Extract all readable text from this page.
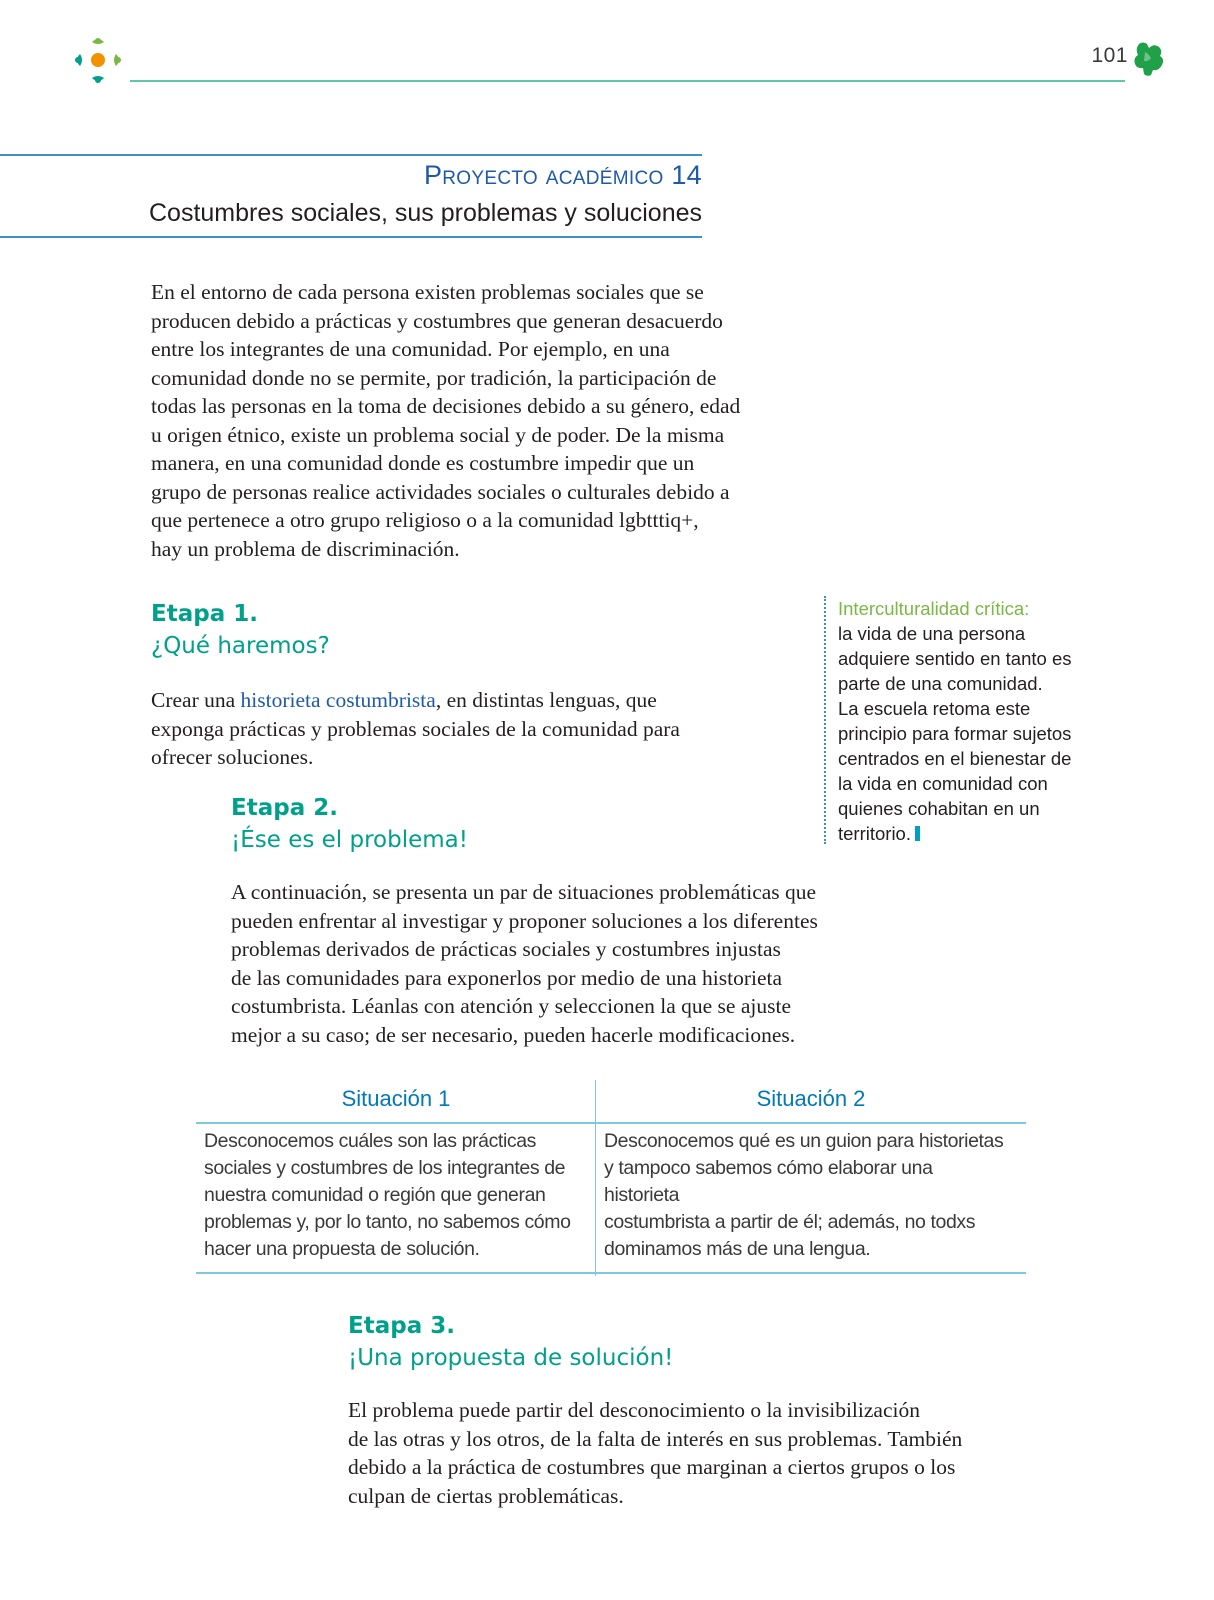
101
Proyecto académico 14
Costumbres sociales, sus problemas y soluciones
En el entorno de cada persona existen problemas sociales que se
producen debido a prácticas y costumbres que generan desacuerdo
entre los integrantes de una comunidad. Por ejemplo, en una
comunidad donde no se permite, por tradición, la participación de
todas las personas en la toma de decisiones debido a su género, edad
u origen étnico, existe un problema social y de poder. De la misma
manera, en una comunidad donde es costumbre impedir que un
grupo de personas realice actividades sociales o culturales debido a
que pertenece a otro grupo religioso o a la comunidad lgbtttiq+,
hay un problema de discriminación.
Etapa 1.
¿Qué haremos?
Crear una historieta costumbrista, en distintas lenguas, que
exponga prácticas y problemas sociales de la comunidad para
ofrecer soluciones.
Interculturalidad crítica:
la vida de una persona
adquiere sentido en tanto es
parte de una comunidad.
La escuela retoma este
principio para formar sujetos
centrados en el bienestar de
la vida en comunidad con
quienes cohabitan en un
territorio.
Etapa 2.
¡Ése es el problema!
A continuación, se presenta un par de situaciones problemáticas que
pueden enfrentar al investigar y proponer soluciones a los diferentes
problemas derivados de prácticas sociales y costumbres injustas
de las comunidades para exponerlos por medio de una historieta
costumbrista. Léanlas con atención y seleccionen la que se ajuste
mejor a su caso; de ser necesario, pueden hacerle modificaciones.
Situación 1
Desconocemos cuáles son las prácticas
sociales y costumbres de los integrantes de
nuestra comunidad o región que generan
problemas y, por lo tanto, no sabemos cómo
hacer una propuesta de solución.
Situación 2
Desconocemos qué es un guion para historietas
y tampoco sabemos cómo elaborar una historieta
costumbrista a partir de él; además, no todxs
dominamos más de una lengua.
Etapa 3.
¡Una propuesta de solución!
El problema puede partir del desconocimiento o la invisibilización
de las otras y los otros, de la falta de interés en sus problemas. También
debido a la práctica de costumbres que marginan a ciertos grupos o los
culpan de ciertas problemáticas.
